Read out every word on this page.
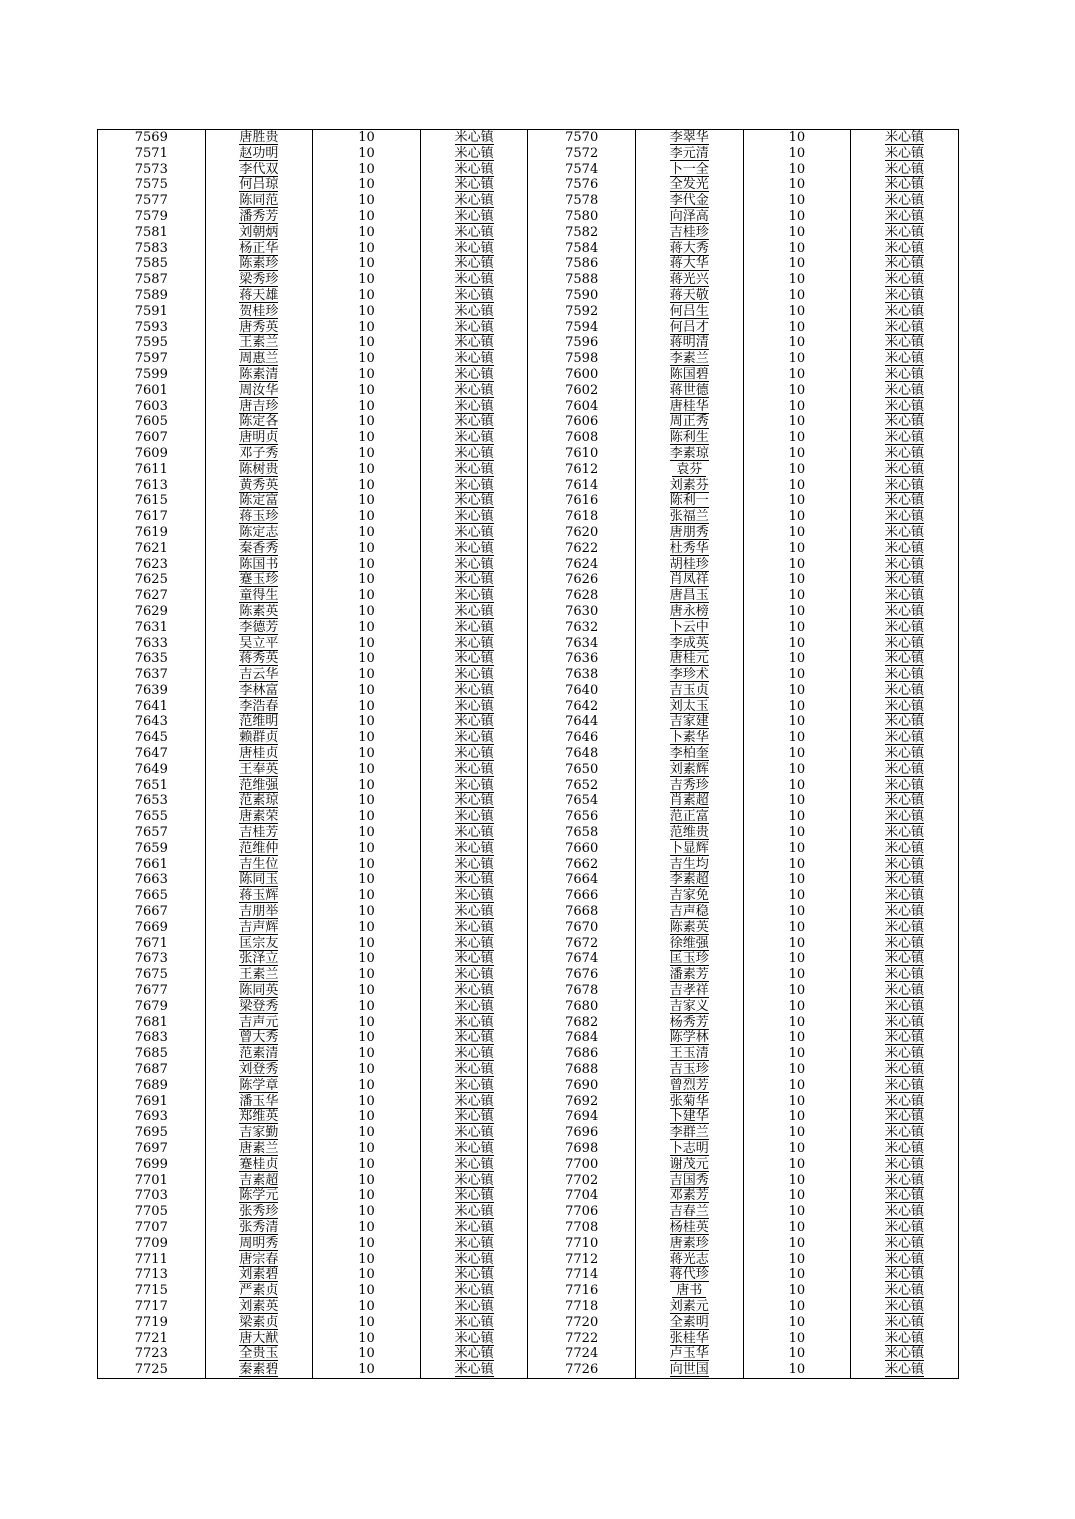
7569	唐胜贵	10	米心镇	7570	李翠华	10	米心镇
7571	赵功明	10	米心镇	7572	李元清	10	米心镇
7573	李代双	10	米心镇	7574	卜一全	10	米心镇
7575	何吕琼	10	米心镇	7576	全发光	10	米心镇
7577	陈同范	10	米心镇	7578	李代金	10	米心镇
7579	潘秀芳	10	米心镇	7580	向泽高	10	米心镇
7581	刘朝炳	10	米心镇	7582	吉桂珍	10	米心镇
7583	杨正华	10	米心镇	7584	蒋大秀	10	米心镇
7585	陈素珍	10	米心镇	7586	蒋大华	10	米心镇
7587	梁秀珍	10	米心镇	7588	蒋光兴	10	米心镇
7589	蒋天雄	10	米心镇	7590	蒋天敬	10	米心镇
7591	贺桂珍	10	米心镇	7592	何吕生	10	米心镇
7593	唐秀英	10	米心镇	7594	何吕才	10	米心镇
7595	王素兰	10	米心镇	7596	蒋明清	10	米心镇
7597	周惠兰	10	米心镇	7598	李素兰	10	米心镇
7599	陈素清	10	米心镇	7600	陈国碧	10	米心镇
7601	周汝华	10	米心镇	7602	蒋世德	10	米心镇
7603	唐吉珍	10	米心镇	7604	唐桂华	10	米心镇
7605	陈定各	10	米心镇	7606	周正秀	10	米心镇
7607	唐明贞	10	米心镇	7608	陈利生	10	米心镇
7609	邓子秀	10	米心镇	7610	李素琼	10	米心镇
7611	陈树贵	10	米心镇	7612	袁芬	10	米心镇
7613	黄秀英	10	米心镇	7614	刘素芬	10	米心镇
7615	陈定富	10	米心镇	7616	陈利一	10	米心镇
7617	蒋玉珍	10	米心镇	7618	张福兰	10	米心镇
7619	陈定志	10	米心镇	7620	唐朋秀	10	米心镇
7621	秦香秀	10	米心镇	7622	杜秀华	10	米心镇
7623	陈国书	10	米心镇	7624	胡桂珍	10	米心镇
7625	蹇玉珍	10	米心镇	7626	肖凤祥	10	米心镇
7627	童得生	10	米心镇	7628	唐昌玉	10	米心镇
7629	陈素英	10	米心镇	7630	唐永榜	10	米心镇
7631	李德芳	10	米心镇	7632	卜云中	10	米心镇
7633	吴立平	10	米心镇	7634	李成英	10	米心镇
7635	蒋秀英	10	米心镇	7636	唐桂元	10	米心镇
7637	吉云华	10	米心镇	7638	李珍术	10	米心镇
7639	李林富	10	米心镇	7640	吉玉贞	10	米心镇
7641	李浩春	10	米心镇	7642	刘太玉	10	米心镇
7643	范维明	10	米心镇	7644	吉家建	10	米心镇
7645	赖群贞	10	米心镇	7646	卜素华	10	米心镇
7647	唐桂贞	10	米心镇	7648	李柏奎	10	米心镇
7649	王奉英	10	米心镇	7650	刘素辉	10	米心镇
7651	范维强	10	米心镇	7652	吉秀珍	10	米心镇
7653	范素琼	10	米心镇	7654	肖素超	10	米心镇
7655	唐素荣	10	米心镇	7656	范正富	10	米心镇
7657	吉桂芳	10	米心镇	7658	范维贵	10	米心镇
7659	范维仲	10	米心镇	7660	卜显辉	10	米心镇
7661	吉生位	10	米心镇	7662	吉生均	10	米心镇
7663	陈同玉	10	米心镇	7664	李素超	10	米心镇
7665	蒋玉辉	10	米心镇	7666	吉家免	10	米心镇
7667	吉朋举	10	米心镇	7668	吉声稳	10	米心镇
7669	吉声辉	10	米心镇	7670	陈素英	10	米心镇
7671	匡宗友	10	米心镇	7672	徐维强	10	米心镇
7673	张泽立	10	米心镇	7674	匡玉珍	10	米心镇
7675	王素兰	10	米心镇	7676	潘素芳	10	米心镇
7677	陈同英	10	米心镇	7678	吉孝祥	10	米心镇
7679	梁登秀	10	米心镇	7680	吉家义	10	米心镇
7681	吉声元	10	米心镇	7682	杨秀芳	10	米心镇
7683	曾大秀	10	米心镇	7684	陈学林	10	米心镇
7685	范素清	10	米心镇	7686	王玉清	10	米心镇
7687	刘登秀	10	米心镇	7688	吉玉珍	10	米心镇
7689	陈学章	10	米心镇	7690	曾烈芳	10	米心镇
7691	潘玉华	10	米心镇	7692	张菊华	10	米心镇
7693	郑维英	10	米心镇	7694	卜建华	10	米心镇
7695	吉家勤	10	米心镇	7696	李群兰	10	米心镇
7697	唐素兰	10	米心镇	7698	卜志明	10	米心镇
7699	蹇桂贞	10	米心镇	7700	谢茂元	10	米心镇
7701	吉素超	10	米心镇	7702	吉国秀	10	米心镇
7703	陈学元	10	米心镇	7704	邓素芳	10	米心镇
7705	张秀珍	10	米心镇	7706	吉春兰	10	米心镇
7707	张秀清	10	米心镇	7708	杨桂英	10	米心镇
7709	周明秀	10	米心镇	7710	唐素珍	10	米心镇
7711	唐宗春	10	米心镇	7712	蒋光志	10	米心镇
7713	刘素碧	10	米心镇	7714	蒋代珍	10	米心镇
7715	严素贞	10	米心镇	7716	唐书	10	米心镇
7717	刘素英	10	米心镇	7718	刘素元	10	米心镇
7719	梁素贞	10	米心镇	7720	全素明	10	米心镇
7721	唐大猷	10	米心镇	7722	张桂华	10	米心镇
7723	全贵玉	10	米心镇	7724	卢玉华	10	米心镇
7725	秦素碧	10	米心镇	7726	向世国	10	米心镇
